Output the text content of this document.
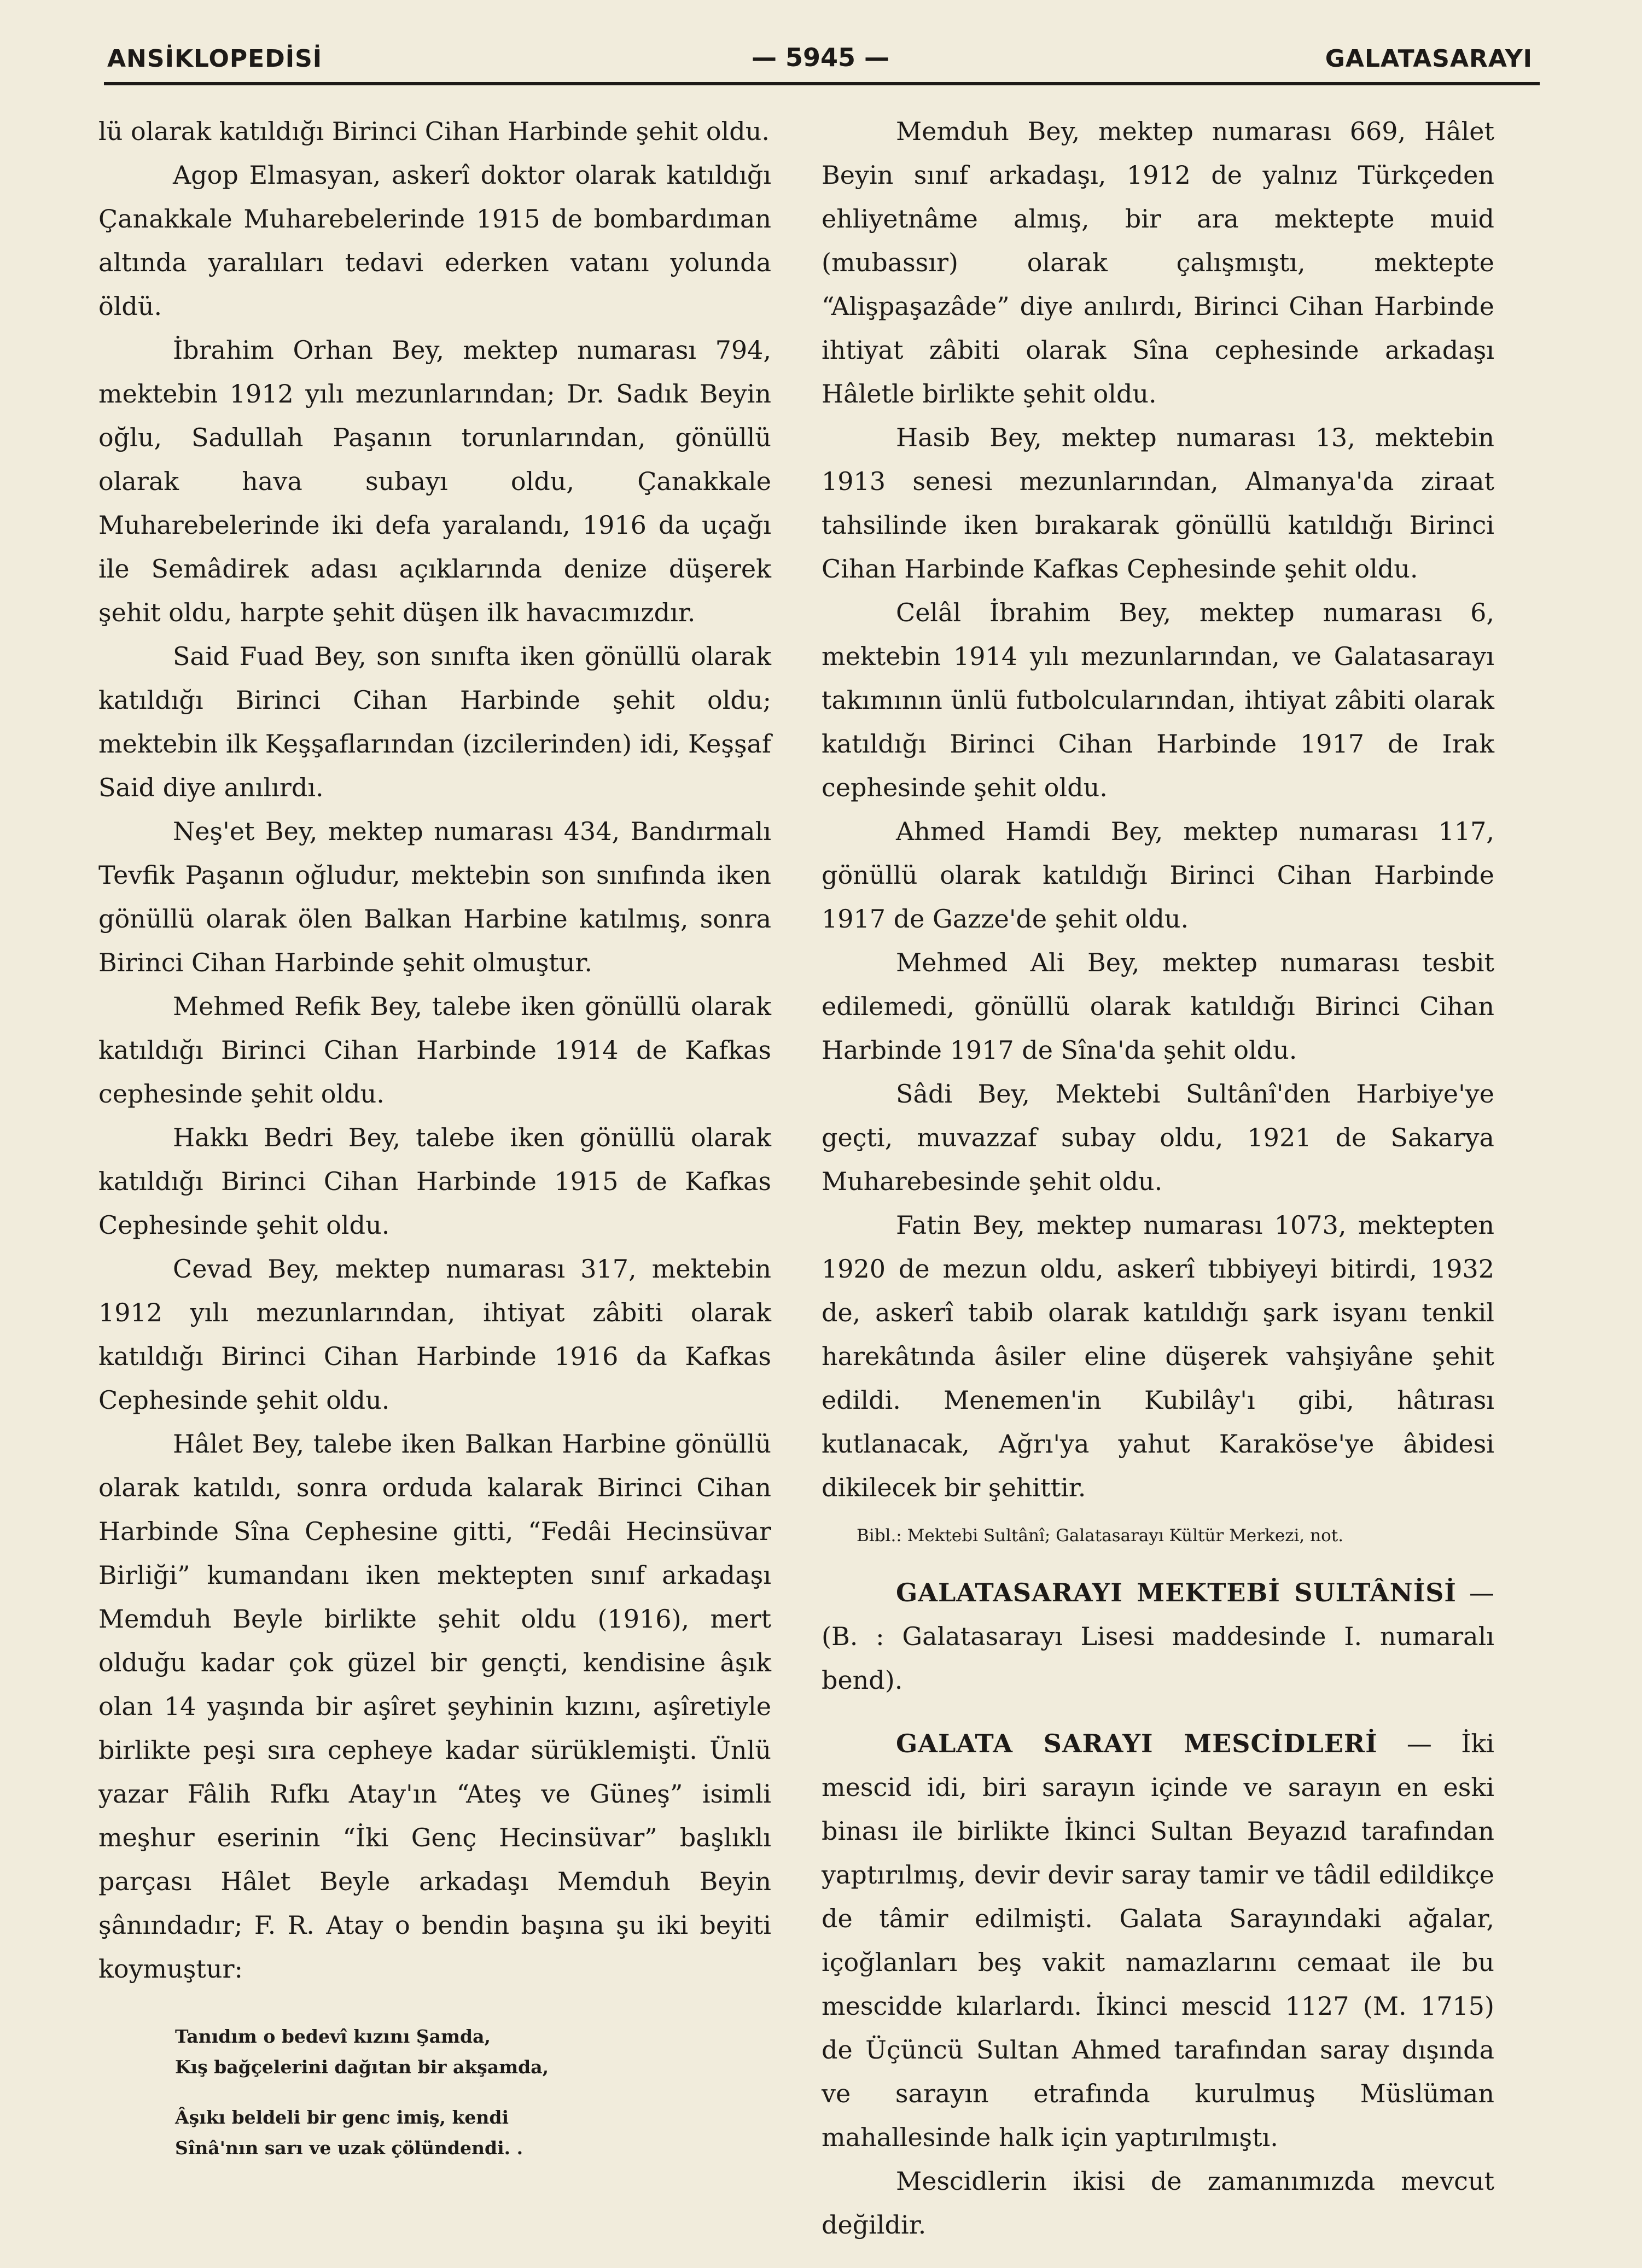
ANSİKLOPEDİSİ	— 5945 —	GALATASARAYI

lü olarak katıldığı Birinci Cihan Harbinde şehit oldu.

Agop Elmasyan, askerî doktor olarak katıldığı Çanakkale Muharebelerinde 1915 de bombardıman altında yaralıları tedavi ederken vatanı yolunda öldü.

İbrahim Orhan Bey, mektep numarası 794, mektebin 1912 yılı mezunlarından; Dr. Sadık Beyin oğlu, Sadullah Paşanın torunlarından, gönüllü olarak hava subayı oldu, Çanakkale Muharebelerinde iki defa yaralandı, 1916 da uçağı ile Semâdirek adası açıklarında denize düşerek şehit oldu, harpte şehit düşen ilk havacımızdır.

Said Fuad Bey, son sınıfta iken gönüllü olarak katıldığı Birinci Cihan Harbinde şehit oldu; mektebin ilk Keşşaflarından (izcilerinden) idi, Keşşaf Said diye anılırdı.

Neş'et Bey, mektep numarası 434, Bandırmalı Tevfik Paşanın oğludur, mektebin son sınıfında iken gönüllü olarak ölen Balkan Harbine katılmış, sonra Birinci Cihan Harbinde şehit olmuştur.

Mehmed Refik Bey, talebe iken gönüllü olarak katıldığı Birinci Cihan Harbinde 1914 de Kafkas cephesinde şehit oldu.

Hakkı Bedri Bey, talebe iken gönüllü olarak katıldığı Birinci Cihan Harbinde 1915 de Kafkas Cephesinde şehit oldu.

Cevad Bey, mektep numarası 317, mektebin 1912 yılı mezunlarından, ihtiyat zâbiti olarak katıldığı Birinci Cihan Harbinde 1916 da Kafkas Cephesinde şehit oldu.

Hâlet Bey, talebe iken Balkan Harbine gönüllü olarak katıldı, sonra orduda kalarak Birinci Cihan Harbinde Sîna Cephesine gitti, “Fedâi Hecinsüvar Birliği” kumandanı iken mektepten sınıf arkadaşı Memduh Beyle birlikte şehit oldu (1916), mert olduğu kadar çok güzel bir gençti, kendisine âşık olan 14 yaşında bir aşîret şeyhinin kızını, aşîretiyle birlikte peşi sıra cepheye kadar sürüklemişti. Ünlü yazar Fâlih Rıfkı Atay'ın “Ateş ve Güneş” isimli meşhur eserinin “İki Genç Hecinsüvar” başlıklı parçası Hâlet Beyle arkadaşı Memduh Beyin şânındadır; F. R. Atay o bendin başına şu iki beyiti koymuştur:

Tanıdım o bedevî kızını Şamda,
Kış bağçelerini dağıtan bir akşamda,
Âşıkı beldeli bir genc imiş, kendi
Sînâ'nın sarı ve uzak çölündendi. .

Memduh Bey, mektep numarası 669, Hâlet Beyin sınıf arkadaşı, 1912 de yalnız Türkçeden ehliyetnâme almış, bir ara mektepte muid (mubassır) olarak çalışmıştı, mektepte “Alişpaşazâde” diye anılırdı, Birinci Cihan Harbinde ihtiyat zâbiti olarak Sîna cephesinde arkadaşı Hâletle birlikte şehit oldu.

Hasib Bey, mektep numarası 13, mektebin 1913 senesi mezunlarından, Almanya'da ziraat tahsilinde iken bırakarak gönüllü katıldığı Birinci Cihan Harbinde Kafkas Cephesinde şehit oldu.

Celâl İbrahim Bey, mektep numarası 6, mektebin 1914 yılı mezunlarından, ve Galatasarayı takımının ünlü futbolcularından, ihtiyat zâbiti olarak katıldığı Birinci Cihan Harbinde 1917 de Irak cephesinde şehit oldu.

Ahmed Hamdi Bey, mektep numarası 117, gönüllü olarak katıldığı Birinci Cihan Harbinde 1917 de Gazze'de şehit oldu.

Mehmed Ali Bey, mektep numarası tesbit edilemedi, gönüllü olarak katıldığı Birinci Cihan Harbinde 1917 de Sîna'da şehit oldu.

Sâdi Bey, Mektebi Sultânî'den Harbiye'ye geçti, muvazzaf subay oldu, 1921 de Sakarya Muharebesinde şehit oldu.

Fatin Bey, mektep numarası 1073, mektepten 1920 de mezun oldu, askerî tıbbiyeyi bitirdi, 1932 de, askerî tabib olarak katıldığı şark isyanı tenkil harekâtında âsiler eline düşerek vahşiyâne şehit edildi. Menemen'in Kubilây'ı gibi, hâtırası kutlanacak, Ağrı'ya yahut Karaköse'ye âbidesi dikilecek bir şehittir.

Bibl.: Mektebi Sultânî; Galatasarayı Kültür Merkezi, not.

GALATASARAYI MEKTEBİ SULTÂNİSİ — (B. : Galatasarayı Lisesi maddesinde I. numaralı bend).

GALATA SARAYI MESCİDLERİ — İki mescid idi, biri sarayın içinde ve sarayın en eski binası ile birlikte İkinci Sultan Beyazıd tarafından yaptırılmış, devir devir saray tamir ve tâdil edildikçe de tâmir edilmişti. Galata Sarayındaki ağalar, içoğlanları beş vakit namazlarını cemaat ile bu mescidde kılarlardı. İkinci mescid 1127 (M. 1715) de Üçüncü Sultan Ahmed tarafından saray dışında ve sarayın etrafında kurulmuş Müslüman mahallesinde halk için yaptırılmıştı.

Mescidlerin ikisi de zamanımızda mevcut değildir.
